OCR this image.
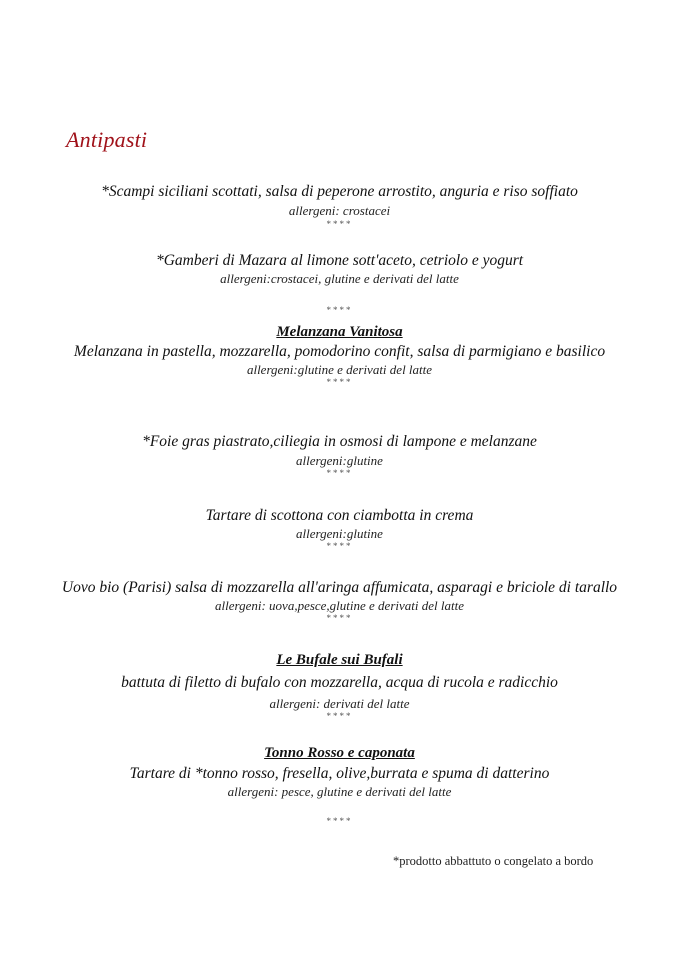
Antipasti
*Scampi siciliani scottati, salsa di peperone arrostito, anguria e riso soffiato
allergeni: crostacei
****
*Gamberi di Mazara al limone sott'aceto, cetriolo e yogurt
allergeni:crostacei, glutine e derivati del latte
****
Melanzana Vanitosa
Melanzana in pastella, mozzarella, pomodorino confit, salsa di parmigiano e basilico
allergeni:glutine e derivati del latte
****
*Foie gras piastrato,ciliegia in osmosi di lampone e melanzane
allergeni:glutine
****
Tartare di scottona con ciambotta in crema
allergeni:glutine
****
Uovo bio (Parisi) salsa di mozzarella all'aringa affumicata, asparagi e briciole di tarallo
allergeni: uova,pesce,glutine e derivati del latte
****
Le Bufale sui Bufali
battuta di filetto di bufalo con mozzarella, acqua di rucola e radicchio
allergeni: derivati del latte
****
Tonno Rosso e caponata
Tartare di *tonno rosso, fresella, olive,burrata e spuma di datterino
allergeni: pesce, glutine e derivati del latte
****
*prodotto abbattuto o congelato a bordo
